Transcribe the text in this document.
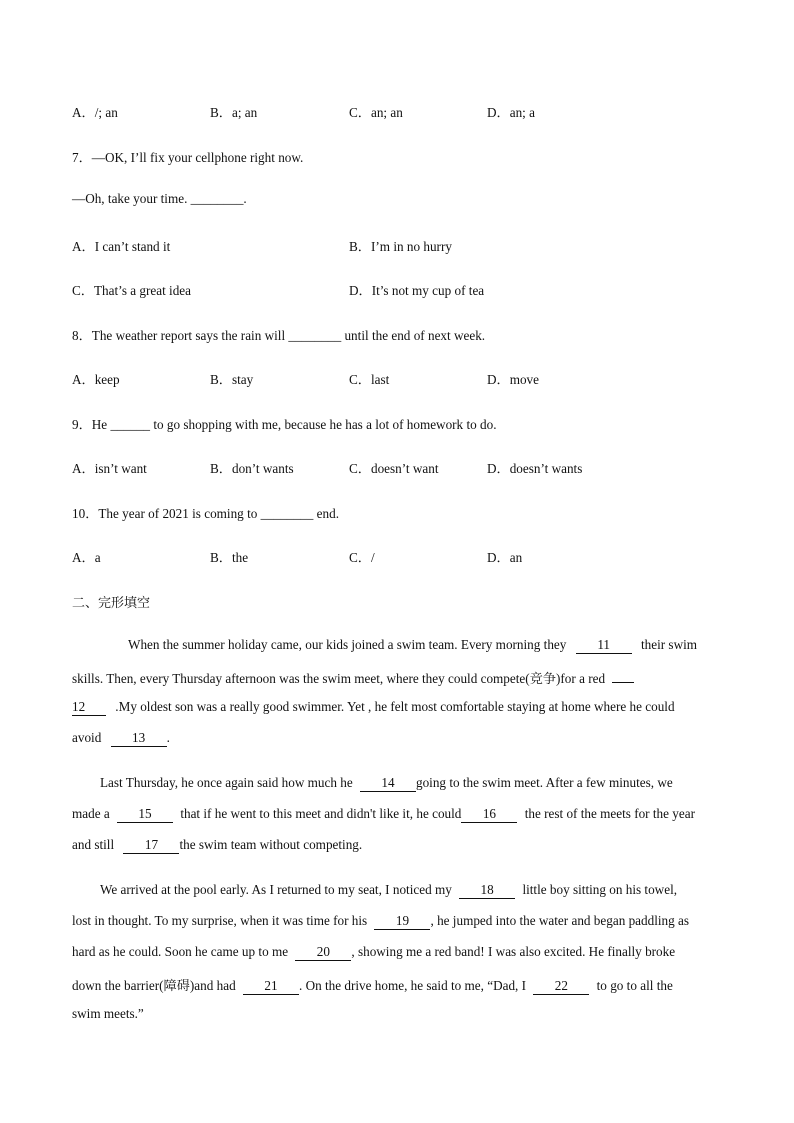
A．/; an	B．a; an	C．an; an	D．an; a
7．—OK, I’ll fix your cellphone right now.
—Oh, take your time. ________.
A．I can’t stand it	B．I’m in no hurry
C．That’s a great idea	D．It’s not my cup of tea
8．The weather report says the rain will ________ until the end of next week.
A．keep	B．stay	C．last	D．move
9．He ______ to go shopping with me, because he has a lot of homework to do.
A．isn’t want	B．don’t wants	C．doesn’t want	D．doesn’t wants
10．The year of 2021 is coming to ________ end.
A．a	B．the	C．/	D．an
二、完形填空
When the summer holiday came, our kids joined a swim team. Every morning they 11 their swim
skills. Then, every Thursday afternoon was the swim meet, where they could compete(竞争)for a red
12 .My oldest son was a really good swimmer. Yet , he felt most comfortable staying at home where he could
avoid 13 .
Last Thursday, he once again said how much he 14 going to the swim meet. After a few minutes, we
made a 15 that if he went to this meet and didn't like it, he could 16 the rest of the meets for the year
and still 17 the swim team without competing.
We arrived at the pool early. As I returned to my seat, I noticed my 18 little boy sitting on his towel,
lost in thought. To my surprise, when it was time for his 19 , he jumped into the water and began paddling as
hard as he could. Soon he came up to me 20 , showing me a red band! I was also excited. He finally broke
down the barrier(障碍)and had 21 . On the drive home, he said to me, “Dad, I 22 to go to all the
swim meets.”
